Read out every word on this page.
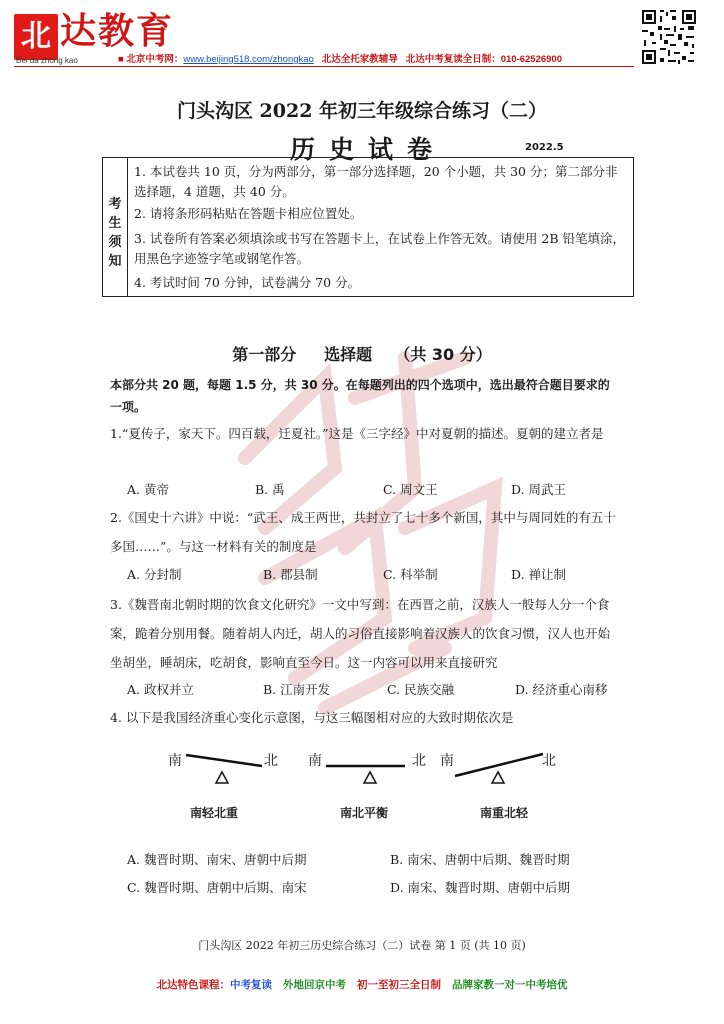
北 达教育
Bei da zhong kao	■ 北京中考网：www.beijing518.com/zhongkao 北达全托家教辅导 北达中考复读全日制：010-62526900
门头沟区 2022 年初三年级综合练习（二）
历史试卷	2022.5
考
生
须
知
1. 本试卷共 10 页，分为两部分，第一部分选择题，20 个小题，共 30 分；第二部分非选择题，4 道题，共 40 分。
2. 请将条形码粘贴在答题卡相应位置处。
3. 试卷所有答案必须填涂或书写在答题卡上，在试卷上作答无效。请使用 2B 铅笔填涂，用黑色字迹签字笔或钢笔作答。
4. 考试时间 70 分钟，试卷满分 70 分。
第一部分     选择题    （共 30 分）
本部分共 20 题，每题 1.5 分，共 30 分。在每题列出的四个选项中，选出最符合题目要求的一项。
1.“夏传子，家天下。四百载，迁夏社。”这是《三字经》中对夏朝的描述。夏朝的建立者是
A. 黄帝	B. 禹	C. 周文王	D. 周武王
2.《国史十六讲》中说：“武王、成王两世，共封立了七十多个新国，其中与周同姓的有五十多国……”。与这一材料有关的制度是
A. 分封制	B. 郡县制	C. 科举制	D. 禅让制
3.《魏晋南北朝时期的饮食文化研究》一文中写到：在西晋之前，汉族人一般每人分一个食案，跪着分别用餐。随着胡人内迁，胡人的习俗直接影响着汉族人的饮食习惯，汉人也开始坐胡坐，睡胡床，吃胡食，影响直至今日。这一内容可以用来直接研究
A. 政权并立	B. 江南开发	C. 民族交融	D. 经济重心南移
4. 以下是我国经济重心变化示意图，与这三幅图相对应的大致时期依次是
南	北 南	北 南	北
南轻北重	南北平衡	南重北轻
A. 魏晋时期、南宋、唐朝中后期	B. 南宋、唐朝中后期、魏晋时期
C. 魏晋时期、唐朝中后期、南宋	D. 南宋、魏晋时期、唐朝中后期
门头沟区 2022 年初三历史综合练习（二）试卷 第 1 页 (共 10 页)
北达特色课程：中考复读 外地回京中考 初一至初三全日制 品牌家教一对一中考培优
